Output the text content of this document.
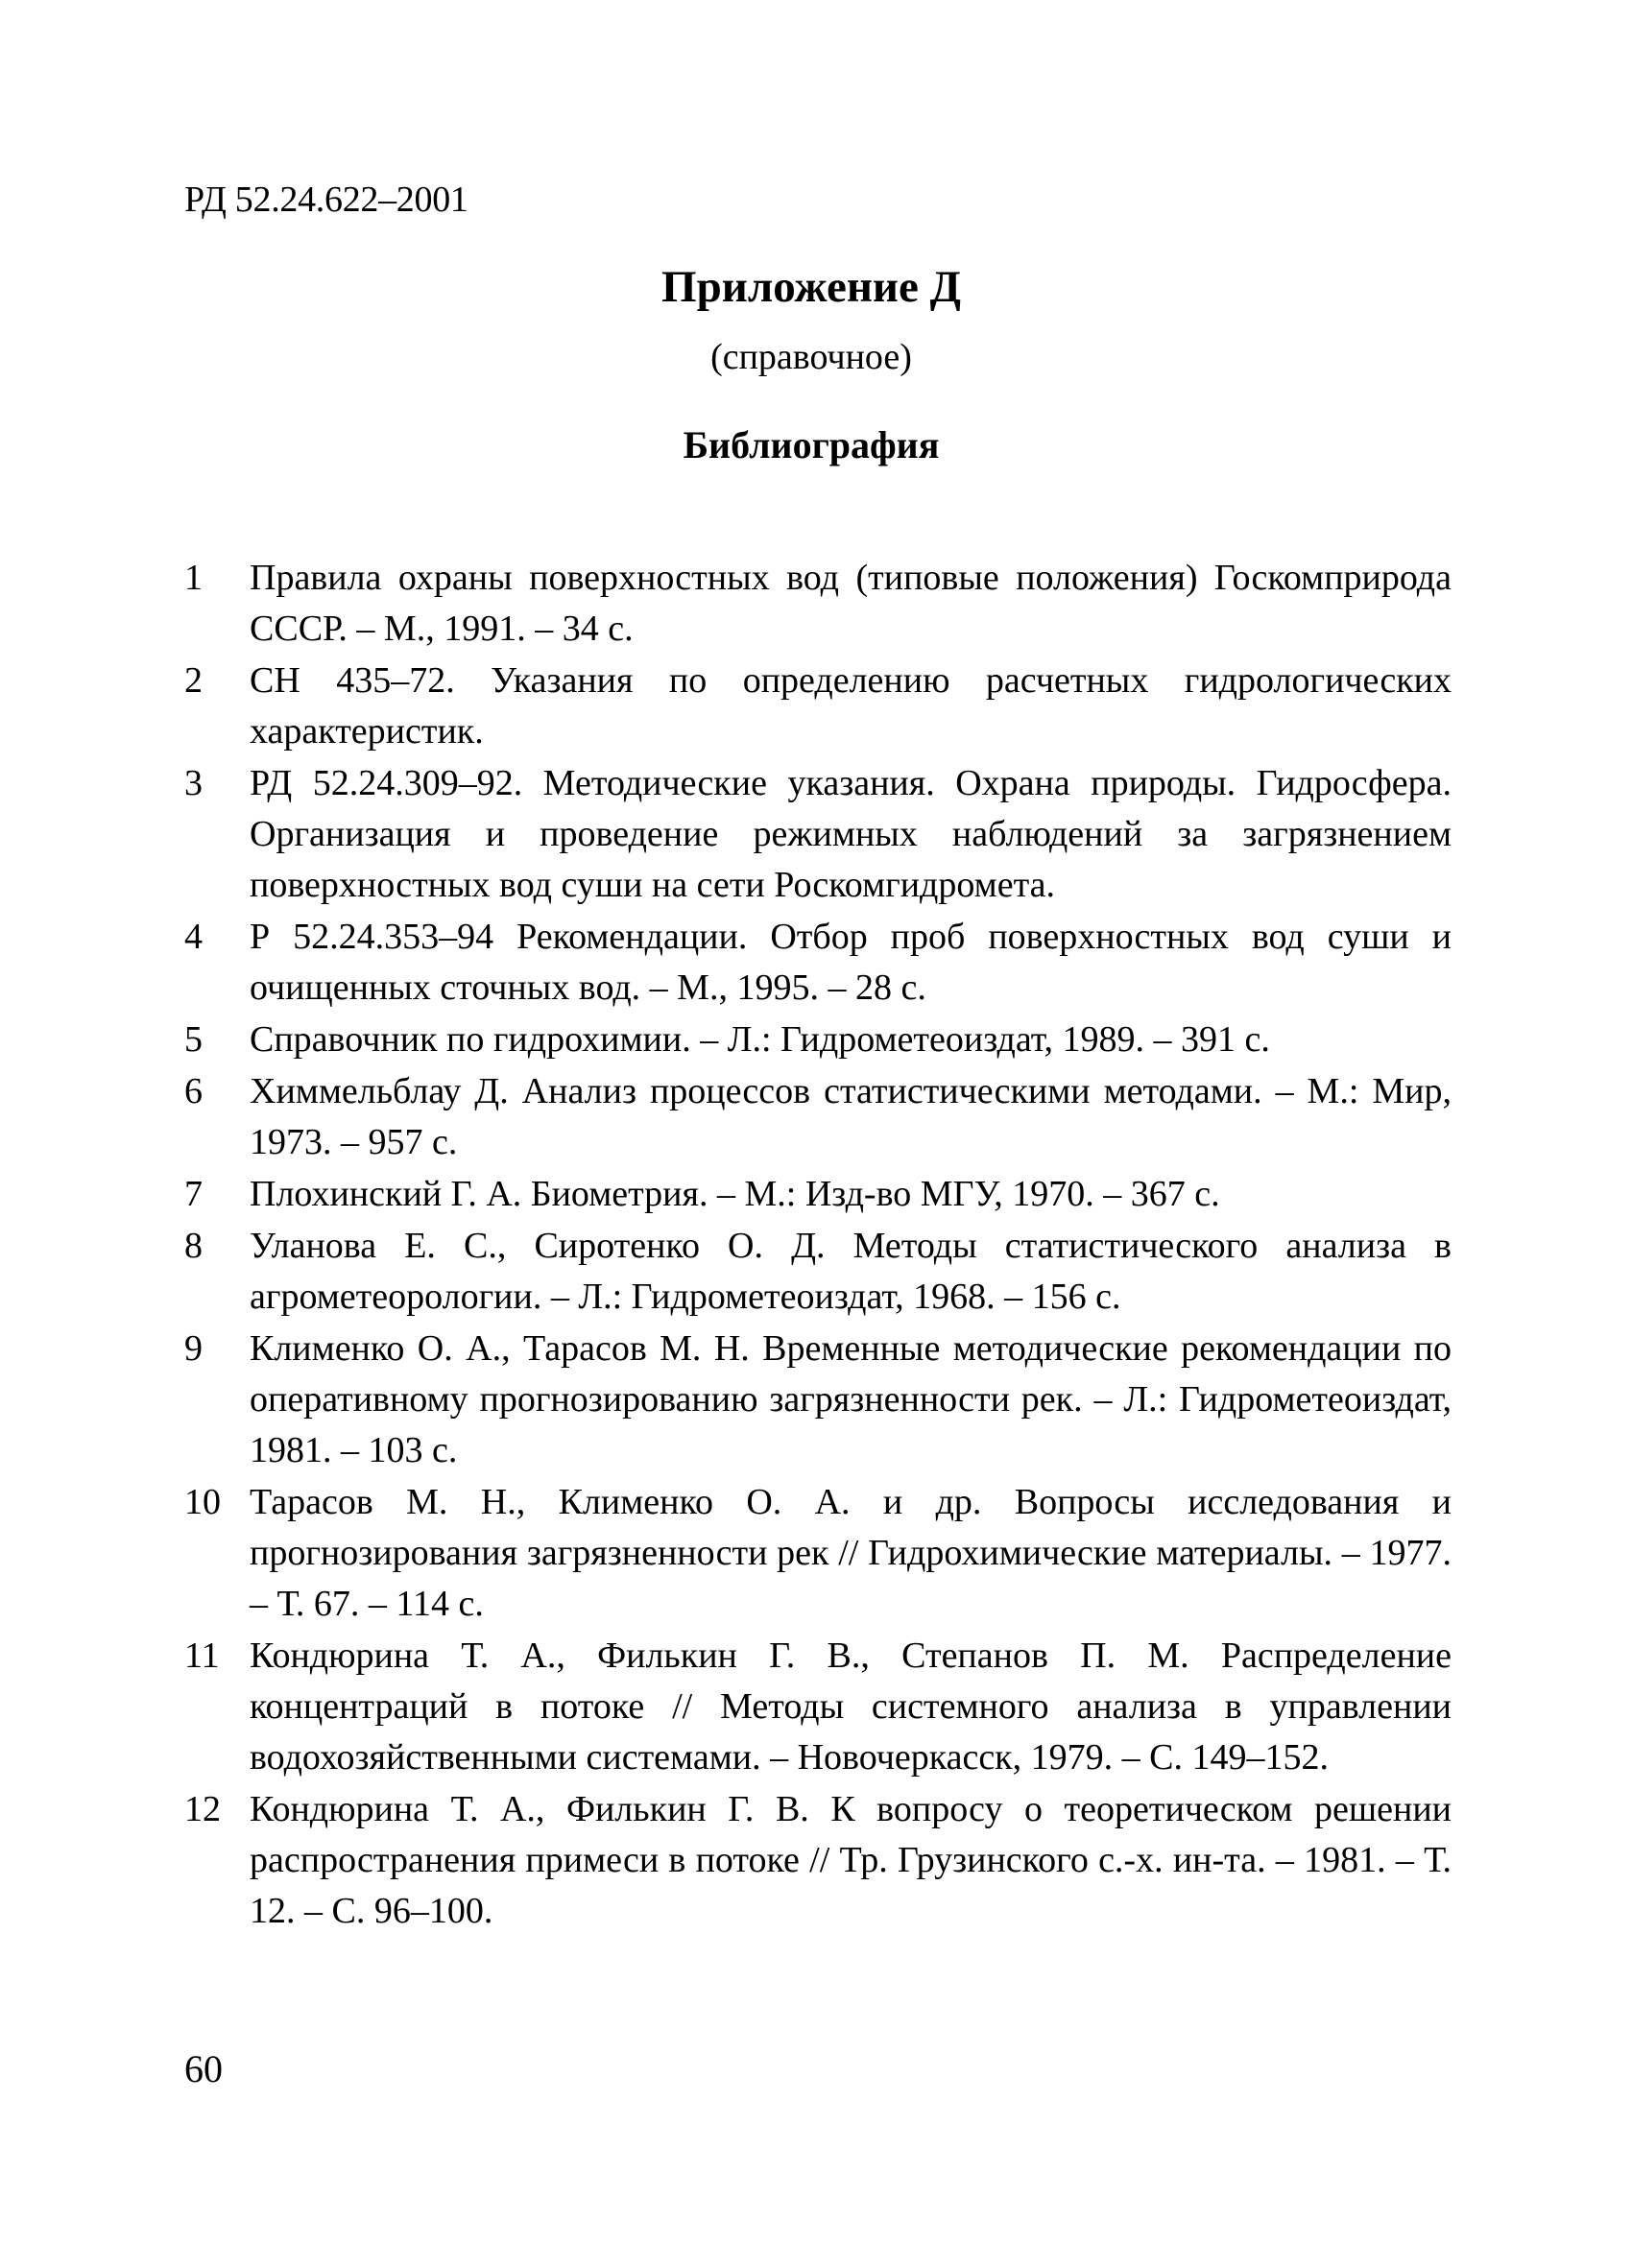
РД 52.24.622–2001
Приложение Д
(справочное)
Библиография
1	Правила охраны поверхностных вод (типовые положения) Госкомприрода СССР. – М., 1991. – 34 с.
2	СН 435–72. Указания по определению расчетных гидрологических характеристик.
3	РД 52.24.309–92. Методические указания. Охрана природы. Гидросфера. Организация и проведение режимных наблюдений за загрязнением поверхностных вод суши на сети Роскомгидромета.
4	Р 52.24.353–94 Рекомендации. Отбор проб поверхностных вод суши и очищенных сточных вод. – М., 1995. – 28 с.
5	Справочник по гидрохимии. – Л.: Гидрометеоиздат, 1989. – 391 с.
6	Химмельблау Д. Анализ процессов статистическими методами. – М.: Мир, 1973. – 957 с.
7	Плохинский Г. А. Биометрия. – М.: Изд-во МГУ, 1970. – 367 с.
8	Уланова Е. С., Сиротенко О. Д. Методы статистического анализа в агрометеорологии. – Л.: Гидрометеоиздат, 1968. – 156 с.
9	Клименко О. А., Тарасов М. Н. Временные методические рекомендации по оперативному прогнозированию загрязненности рек. – Л.: Гидрометеоиздат, 1981. – 103 с.
10 Тарасов М. Н., Клименко О. А. и др. Вопросы исследования и прогнозирования загрязненности рек // Гидрохимические материалы. – 1977. – Т. 67. – 114 с.
11 Кондюрина Т. А., Филькин Г. В., Степанов П. М. Распределение концентраций в потоке // Методы системного анализа в управлении водохозяйственными системами. – Новочеркасск, 1979. – С. 149–152.
12 Кондюрина Т. А., Филькин Г. В. К вопросу о теоретическом решении распространения примеси в потоке // Тр. Грузинского с.-х. ин-та. – 1981. – Т. 12. – С. 96–100.
60
